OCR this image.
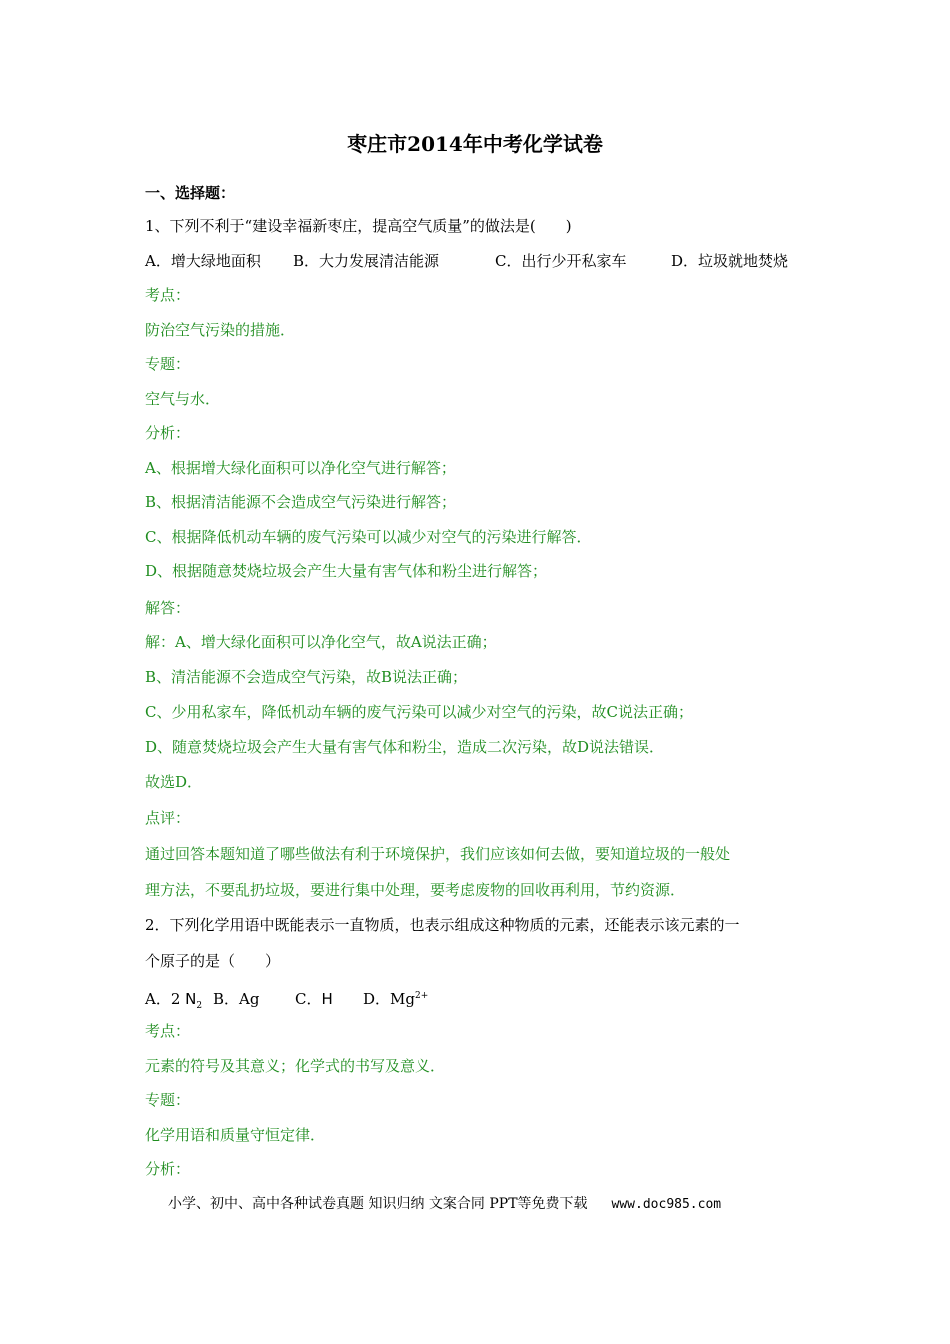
枣庄市2014年中考化学试卷
一、选择题：
1、下列不利于“建设幸福新枣庄，提高空气质量”的做法是(　　)
A．增大绿地面积 B．大力发展清洁能源	C．出行少开私家车	D．垃圾就地焚烧
考点：
防治空气污染的措施．
专题：
空气与水．
分析：
A、根据增大绿化面积可以净化空气进行解答；
B、根据清洁能源不会造成空气污染进行解答；
C、根据降低机动车辆的废气污染可以减少对空气的污染进行解答．
D、根据随意焚烧垃圾会产生大量有害气体和粉尘进行解答；
解答：
解：A、增大绿化面积可以净化空气，故A说法正确；
B、清洁能源不会造成空气污染，故B说法正确；
C、少用私家车，降低机动车辆的废气污染可以减少对空气的污染，故C说法正确；
D、随意焚烧垃圾会产生大量有害气体和粉尘，造成二次污染，故D说法错误．
故选D．
点评：
通过回答本题知道了哪些做法有利于环境保护，我们应该如何去做，要知道垃圾的一般处
理方法，不要乱扔垃圾，要进行集中处理，要考虑废物的回收再利用，节约资源．
2．下列化学用语中既能表示一直物质，也表示组成这种物质的元素，还能表示该元素的一
个原子的是（　　）
A．2 $N_2$ B．Ag C．H D．$Mg^{2+}$
考点：
元素的符号及其意义；化学式的书写及意义．
专题：
化学用语和质量守恒定律．
分析：
小学、初中、高中各种试卷真题 知识归纳 文案合同 PPT等免费下载 www.doc985.com
